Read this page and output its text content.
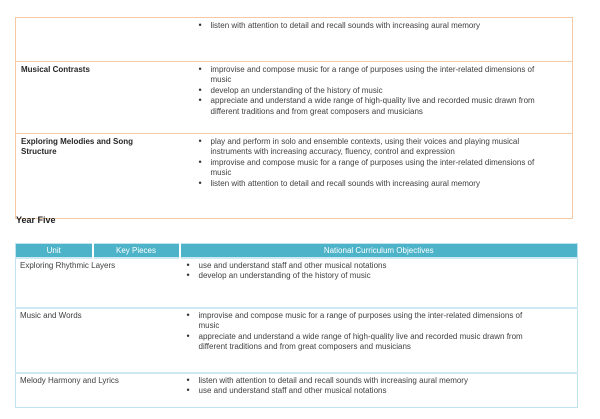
• listen with attention to detail and recall sounds with increasing aural memory

Musical Contrasts	
•improvise and compose music for a range of purposes using the inter-related dimensions of music
• develop an understanding of the history of music
• appreciate and understand a wide range of high-quality live and recorded music drawn from different traditions and from great composers and musicians

Exploring Melodies and Song Structure	
• play and perform in solo and ensemble contexts, using their voices and playing musical instruments with increasing accuracy, fluency, control and expression
• improvise and compose music for a range of purposes using the inter-related dimensions of music
• listen with attention to detail and recall sounds with increasing aural memory
Year Five
Unit	Key Pieces	National Curriculum Objectives
Exploring Rhythmic Layers	
•use and understand staff and other musical notations
• develop an understanding of the history of music

Music and Words	
•improvise and compose music for a range of purposes using the inter-related dimensions of music
• appreciate and understand a wide range of high-quality live and recorded music drawn from different traditions and from great composers and musicians

Melody Harmony and Lyrics	
•listen with attention to detail and recall sounds with increasing aural memory
• use and understand staff and other musical notations
